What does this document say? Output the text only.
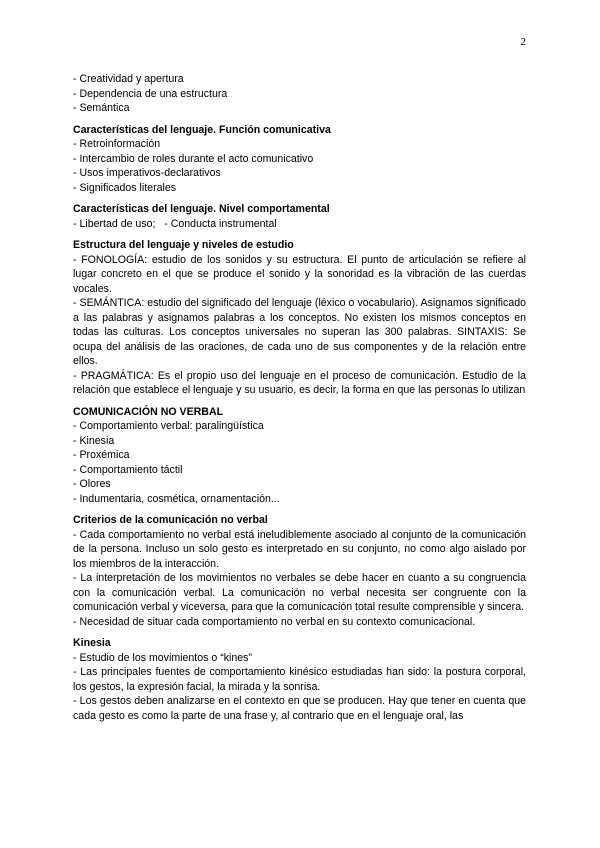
2

- Creatividad y apertura

- Dependencia de una estructura

- Semántica

Características del lenguaje. Función comunicativa

- Retroinformación

- Intercambio de roles durante el acto comunicativo

- Usos imperativos-declarativos

- Significados literales

Características del lenguaje. Nivel comportamental

- Libertad de uso;   - Conducta instrumental

Estructura del lenguaje y niveles de estudio

- FONOLOGÍA: estudio de los sonidos y su estructura. El punto de articulación se refiere al lugar concreto en el que se produce el sonido y la sonoridad es la vibración de las cuerdas vocales.

- SEMÁNTICA: estudio del significado del lenguaje (léxico o vocabulario). Asignamos significado a las palabras y asignamos palabras a los conceptos. No existen los mismos conceptos en todas las culturas. Los conceptos universales no superan las 300 palabras. SINTAXIS: Se ocupa del análisis de las oraciones, de cada uno de sus componentes y de la relación entre ellos.

- PRAGMÁTICA: Es el propio uso del lenguaje en el proceso de comunicación. Estudio de la relación que establece el lenguaje y su usuario, es decir, la forma en que las personas lo utilizan

COMUNICACIÓN NO VERBAL

- Comportamiento verbal: paralingüística

- Kinesia

- Proxémica

- Comportamiento táctil

- Olores

- Indumentaria, cosmética, ornamentación...

Criterios de la comunicación no verbal

- Cada comportamiento no verbal está ineludiblemente asociado al conjunto de la comunicación de la persona. Incluso un solo gesto es interpretado en su conjunto, no como algo aislado por los miembros de la interacción.

- La interpretación de los movimientos no verbales se debe hacer en cuanto a su congruencia con la comunicación verbal. La comunicación no verbal necesita ser congruente con la comunicación verbal y viceversa, para que la comunicación total resulte comprensible y sincera.

- Necesidad de situar cada comportamiento no verbal en su contexto comunicacional.

Kinesia

- Estudio de los movimientos o “kines”

- Las principales fuentes de comportamiento kinésico estudiadas han sido: la postura corporal, los gestos, la expresión facial, la mirada y la sonrisa.

- Los gestos deben analizarse en el contexto en que se producen. Hay que tener en cuenta que cada gesto es como la parte de una frase y, al contrario que en el lenguaje oral, las
